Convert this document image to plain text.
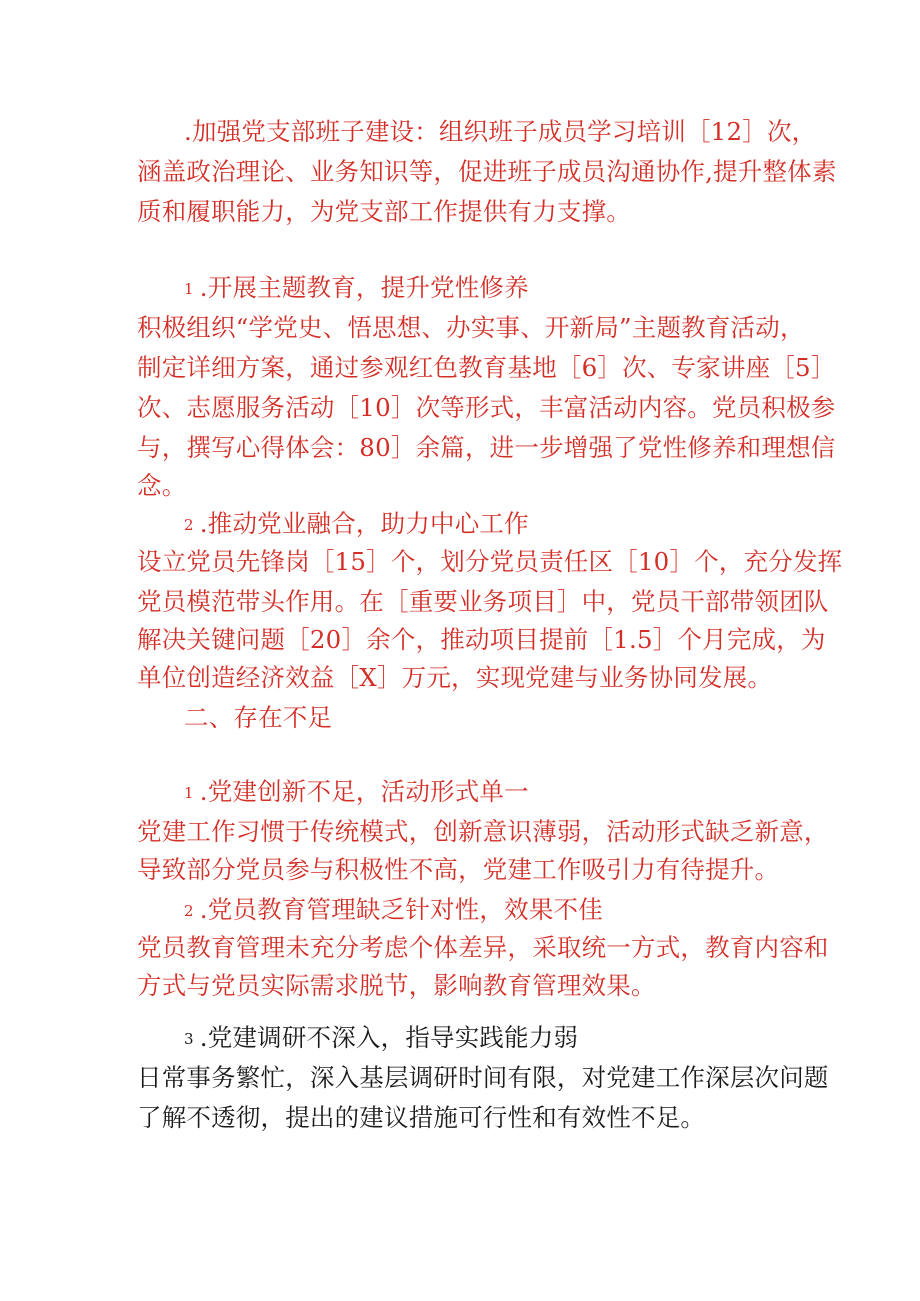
.加强党支部班子建设：组织班子成员学习培训［12］次，
涵盖政治理论、业务知识等，促进班子成员沟通协作,提升整体素
质和履职能力，为党支部工作提供有力支撑。
1 .开展主题教育，提升党性修养
积极组织“学党史、悟思想、办实事、开新局”主题教育活动，
制定详细方案，通过参观红色教育基地［6］次、专家讲座［5］
次、志愿服务活动［10］次等形式，丰富活动内容。党员积极参
与，撰写心得体会：80］余篇，进一步增强了党性修养和理想信
念。
2 .推动党业融合，助力中心工作
设立党员先锋岗［15］个，划分党员责任区［10］个，充分发挥
党员模范带头作用。在［重要业务项目］中，党员干部带领团队
解决关键问题［20］余个，推动项目提前［1.5］个月完成，为
单位创造经济效益［X］万元，实现党建与业务协同发展。
二、存在不足
1 .党建创新不足，活动形式单一
党建工作习惯于传统模式，创新意识薄弱，活动形式缺乏新意，
导致部分党员参与积极性不高，党建工作吸引力有待提升。
2 .党员教育管理缺乏针对性，效果不佳
党员教育管理未充分考虑个体差异，采取统一方式，教育内容和
方式与党员实际需求脱节，影响教育管理效果。
3 .党建调研不深入，指导实践能力弱
日常事务繁忙，深入基层调研时间有限，对党建工作深层次问题
了解不透彻，提出的建议措施可行性和有效性不足。
